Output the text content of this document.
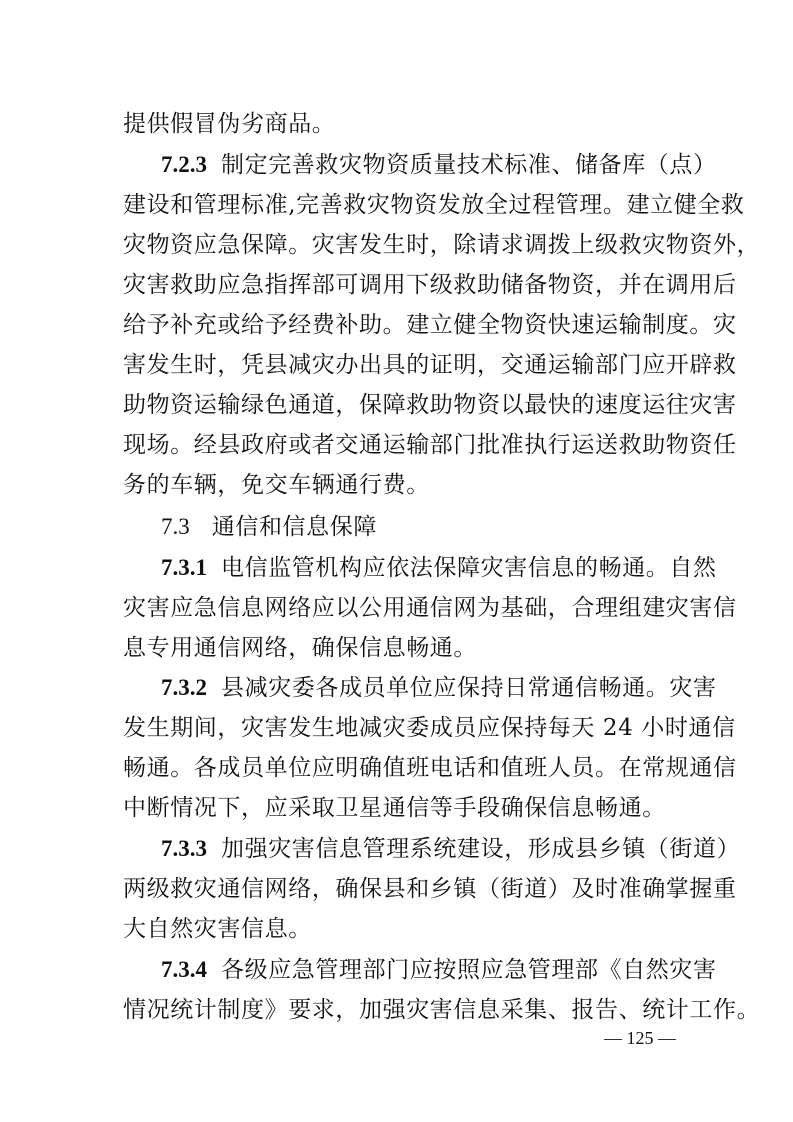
提供假冒伪劣商品。
7.2.3 制定完善救灾物资质量技术标准、储备库（点）
建设和管理标准,完善救灾物资发放全过程管理。建立健全救
灾物资应急保障。灾害发生时，除请求调拨上级救灾物资外，
灾害救助应急指挥部可调用下级救助储备物资，并在调用后
给予补充或给予经费补助。建立健全物资快速运输制度。灾
害发生时，凭县减灾办出具的证明，交通运输部门应开辟救
助物资运输绿色通道，保障救助物资以最快的速度运往灾害
现场。经县政府或者交通运输部门批准执行运送救助物资任
务的车辆，免交车辆通行费。
7.3 通信和信息保障
7.3.1 电信监管机构应依法保障灾害信息的畅通。自然
灾害应急信息网络应以公用通信网为基础，合理组建灾害信
息专用通信网络，确保信息畅通。
7.3.2 县减灾委各成员单位应保持日常通信畅通。灾害
发生期间，灾害发生地减灾委成员应保持每天 24 小时通信
畅通。各成员单位应明确值班电话和值班人员。在常规通信
中断情况下，应采取卫星通信等手段确保信息畅通。
7.3.3 加强灾害信息管理系统建设，形成县乡镇（街道）
两级救灾通信网络，确保县和乡镇（街道）及时准确掌握重
大自然灾害信息。
7.3.4 各级应急管理部门应按照应急管理部《自然灾害
情况统计制度》要求，加强灾害信息采集、报告、统计工作。
— 125 —
